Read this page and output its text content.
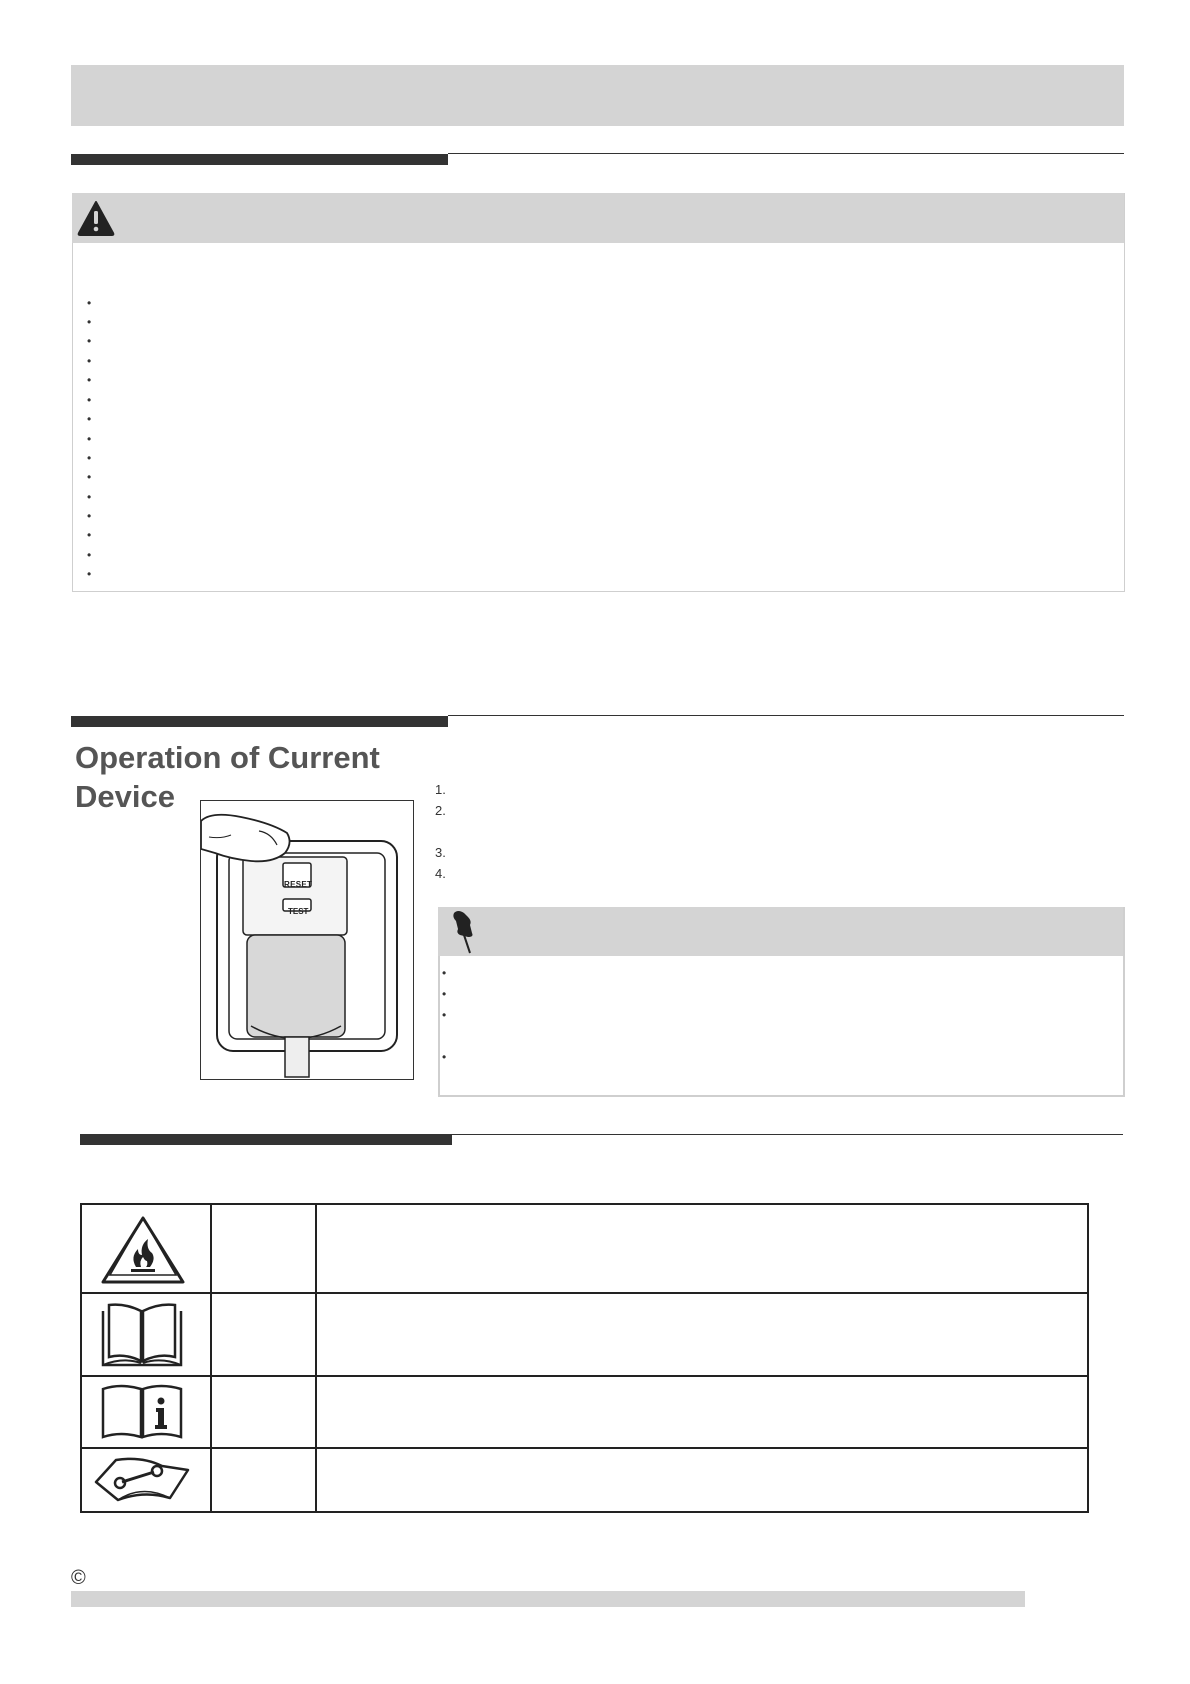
•
•
•
•
•
•
•
•
•
•
•
•
•
•
•
Operation of Current
Device
RESET
TEST
1.
2.
3.
4.
•
•
•
•
©
